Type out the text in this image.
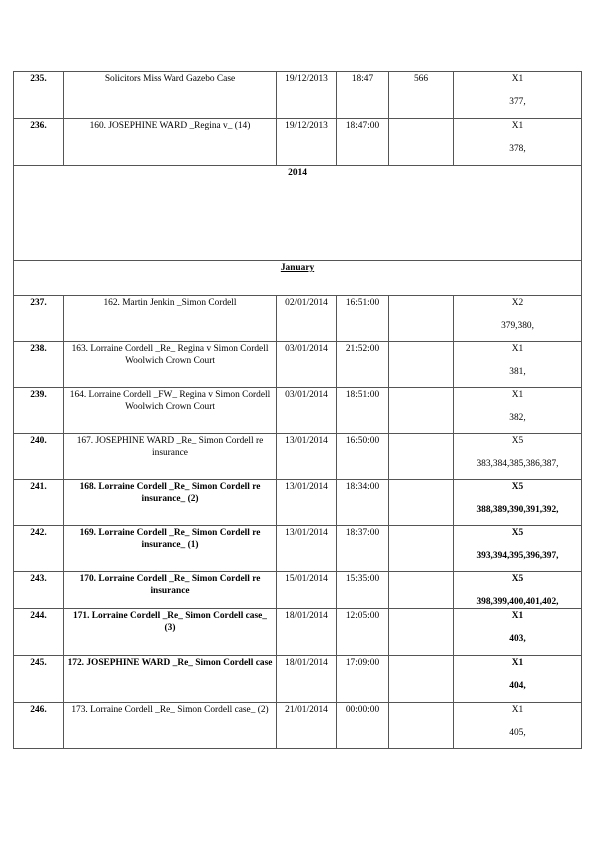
235.	Solicitors Miss Ward Gazebo Case	19/12/2013	18:47	566	X1
377,

236.	160. JOSEPHINE WARD _Regina v_ (14)	19/12/2013	18:47:00		X1
378,

2014					
January					
237.	162. Martin Jenkin _Simon Cordell	02/01/2014	16:51:00		X2
379,380,

238.	163. Lorraine Cordell _Re_ Regina v Simon Cordell Woolwich Crown Court	03/01/2014	21:52:00		X1
381,

239.	164. Lorraine Cordell _FW_ Regina v Simon Cordell Woolwich Crown Court	03/01/2014	18:51:00		X1
382,

240.	167. JOSEPHINE WARD _Re_ Simon Cordell re insurance	13/01/2014	16:50:00		X5
383,384,385,386,387,

241.	168. Lorraine Cordell _Re_ Simon Cordell re insurance_ (2)	13/01/2014	18:34:00		X5
388,389,390,391,392,

242.	169. Lorraine Cordell _Re_ Simon Cordell re insurance_ (1)	13/01/2014	18:37:00		X5
393,394,395,396,397,

243.	170. Lorraine Cordell _Re_ Simon Cordell re insurance	15/01/2014	15:35:00		X5
398,399,400,401,402,

244.	171. Lorraine Cordell _Re_ Simon Cordell case_ (3)	18/01/2014	12:05:00		X1
403,

245.	172. JOSEPHINE WARD _Re_ Simon Cordell case	18/01/2014	17:09:00		X1
404,

246.	173. Lorraine Cordell _Re_ Simon Cordell case_ (2)	21/01/2014	00:00:00		X1
405,
